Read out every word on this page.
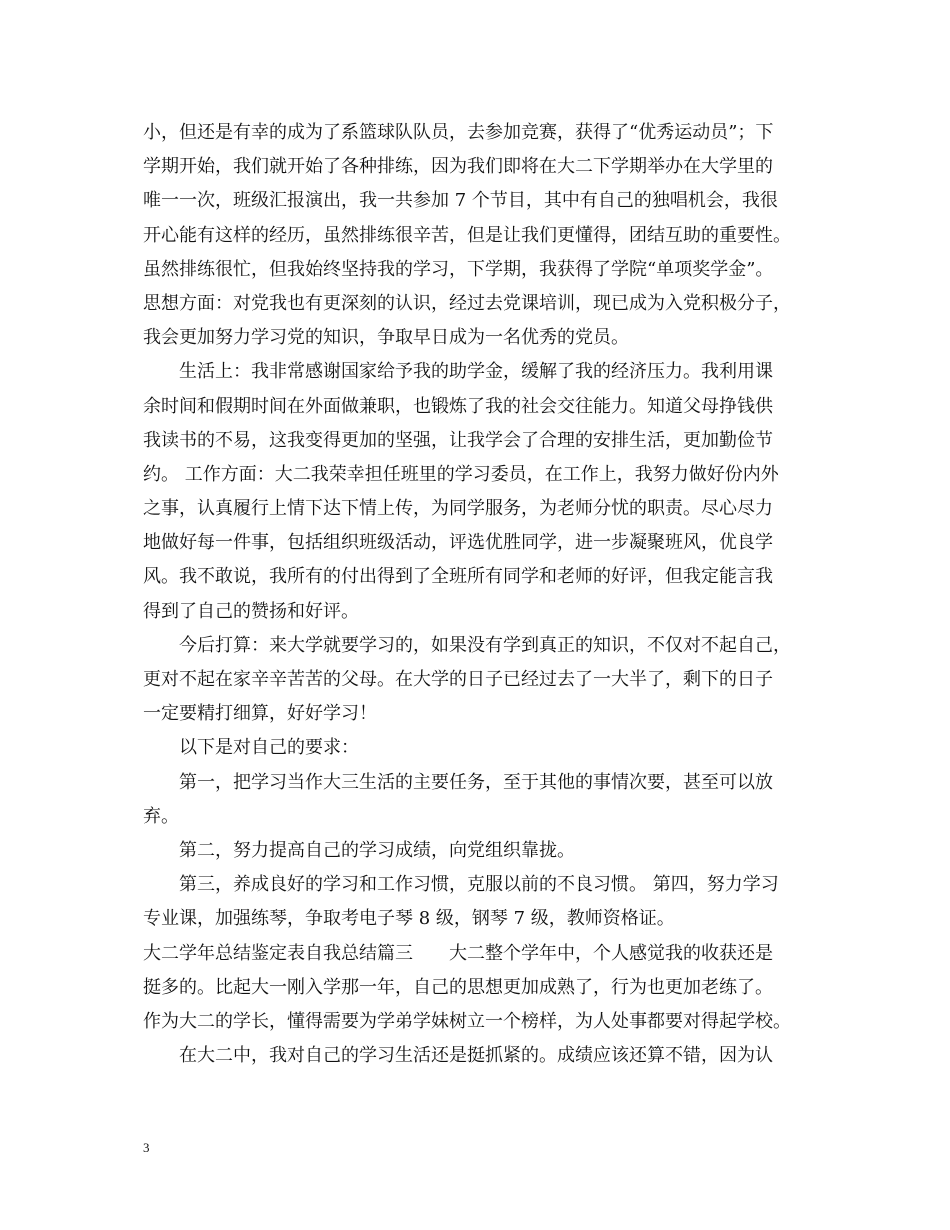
小，但还是有幸的成为了系篮球队队员，去参加竞赛，获得了“优秀运动员”；下
学期开始，我们就开始了各种排练，因为我们即将在大二下学期举办在大学里的
唯一一次，班级汇报演出，我一共参加 7 个节目，其中有自己的独唱机会，我很
开心能有这样的经历，虽然排练很辛苦，但是让我们更懂得，团结互助的重要性。
虽然排练很忙，但我始终坚持我的学习，下学期，我获得了学院“单项奖学金”。
思想方面：对党我也有更深刻的认识，经过去党课培训，现已成为入党积极分子，
我会更加努力学习党的知识，争取早日成为一名优秀的党员。
　　生活上：我非常感谢国家给予我的助学金，缓解了我的经济压力。我利用课
余时间和假期时间在外面做兼职，也锻炼了我的社会交往能力。知道父母挣钱供
我读书的不易，这我变得更加的坚强，让我学会了合理的安排生活，更加勤俭节
约。 工作方面：大二我荣幸担任班里的学习委员，在工作上，我努力做好份内外
之事，认真履行上情下达下情上传，为同学服务，为老师分忧的职责。尽心尽力
地做好每一件事，包括组织班级活动，评选优胜同学，进一步凝聚班风，优良学
风。我不敢说，我所有的付出得到了全班所有同学和老师的好评，但我定能言我
得到了自己的赞扬和好评。
　　今后打算：来大学就要学习的，如果没有学到真正的知识，不仅对不起自己，
更对不起在家辛辛苦苦的父母。在大学的日子已经过去了一大半了，剩下的日子
一定要精打细算，好好学习！
　　以下是对自己的要求：
　　第一，把学习当作大三生活的主要任务，至于其他的事情次要，甚至可以放
弃。
　　第二，努力提高自己的学习成绩，向党组织靠拢。
　　第三，养成良好的学习和工作习惯，克服以前的不良习惯。 第四，努力学习
专业课，加强练琴，争取考电子琴 8 级，钢琴 7 级，教师资格证。
大二学年总结鉴定表自我总结篇三　　大二整个学年中，个人感觉我的收获还是
挺多的。比起大一刚入学那一年，自己的思想更加成熟了，行为也更加老练了。
作为大二的学长，懂得需要为学弟学妹树立一个榜样，为人处事都要对得起学校。
　　在大二中，我对自己的学习生活还是挺抓紧的。成绩应该还算不错，因为认
3
